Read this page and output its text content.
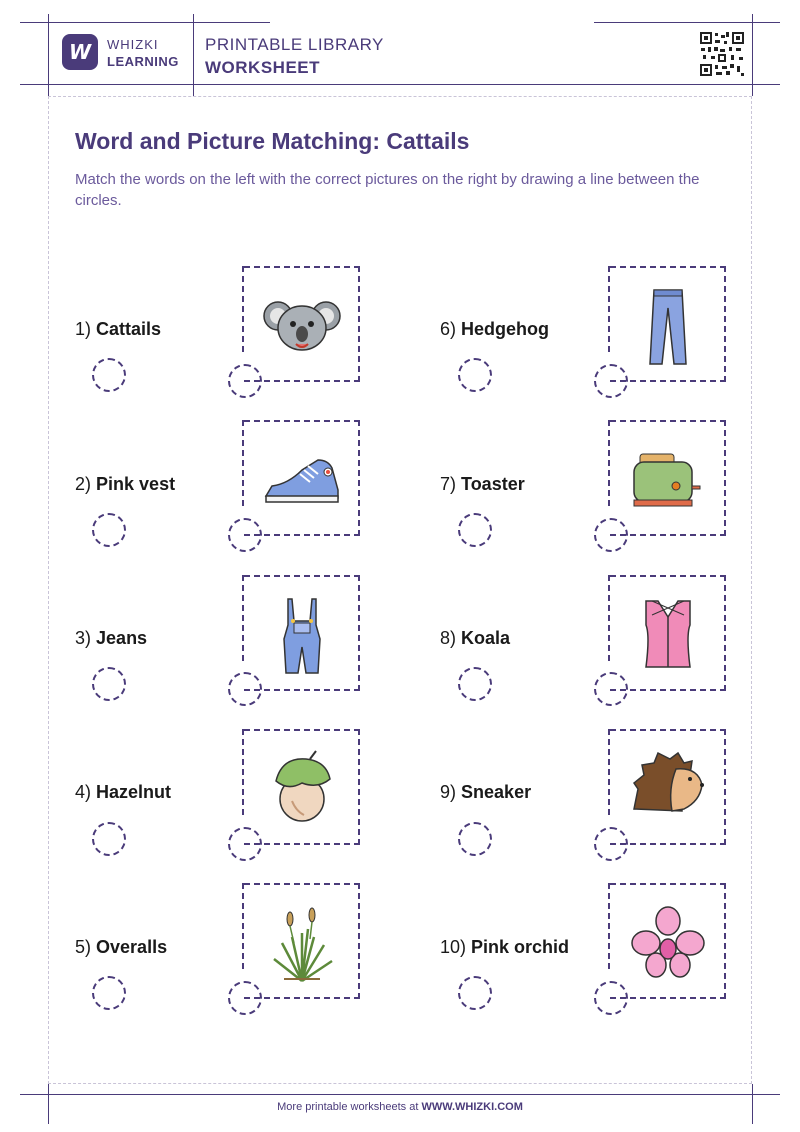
W WHIZKI
LEARNING
PRINTABLE LIBRARY
WORKSHEET
Word and Picture Matching: Cattails
Match the words on the left with the correct pictures on the right by drawing a line between the circles.
1) Cattails
2) Pink vest
3) Jeans
4) Hazelnut
5) Overalls
6) Hedgehog
7) Toaster
8) Koala
9) Sneaker
10) Pink orchid
More printable worksheets at WWW.WHIZKI.COM
